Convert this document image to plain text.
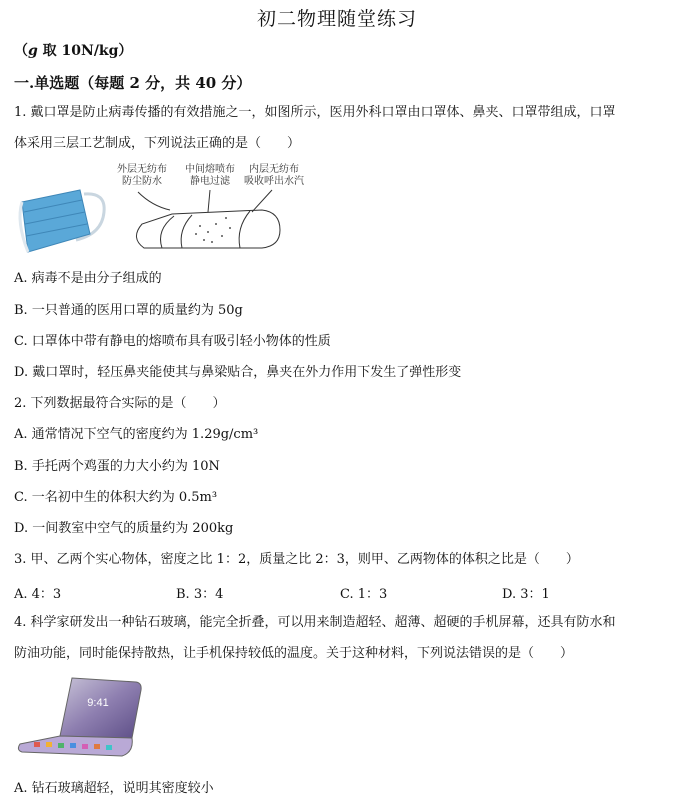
初二物理随堂练习
（g 取 10N/kg）
一.单选题（每题 2 分，共 40 分）
1. 戴口罩是防止病毒传播的有效措施之一，如图所示，医用外科口罩由口罩体、鼻夹、口罩带组成，口罩
体采用三层工艺制成，下列说法正确的是（　　）
外层无纺布
防尘防水
中间熔喷布
静电过滤
内层无纺布
吸收呼出水汽
A. 病毒不是由分子组成的
B. 一只普通的医用口罩的质量约为 50g
C. 口罩体中带有静电的熔喷布具有吸引轻小物体的性质
D. 戴口罩时，轻压鼻夹能使其与鼻梁贴合，鼻夹在外力作用下发生了弹性形变
2. 下列数据最符合实际的是（　　）
A. 通常情况下空气的密度约为 1.29g/cm³
B. 手托两个鸡蛋的力大小约为 10N
C. 一名初中生的体积大约为 0.5m³
D. 一间教室中空气的质量约为 200kg
3. 甲、乙两个实心物体，密度之比 1：2，质量之比 2：3，则甲、乙两物体的体积之比是（　　）
A. 4：3	B. 3：4	C. 1：3	D. 3：1
4. 科学家研发出一种钻石玻璃，能完全折叠，可以用来制造超轻、超薄、超硬的手机屏幕，还具有防水和
防油功能，同时能保持散热，让手机保持较低的温度。关于这种材料，下列说法错误的是（　　）
9:41
A. 钻石玻璃超轻，说明其密度较小
